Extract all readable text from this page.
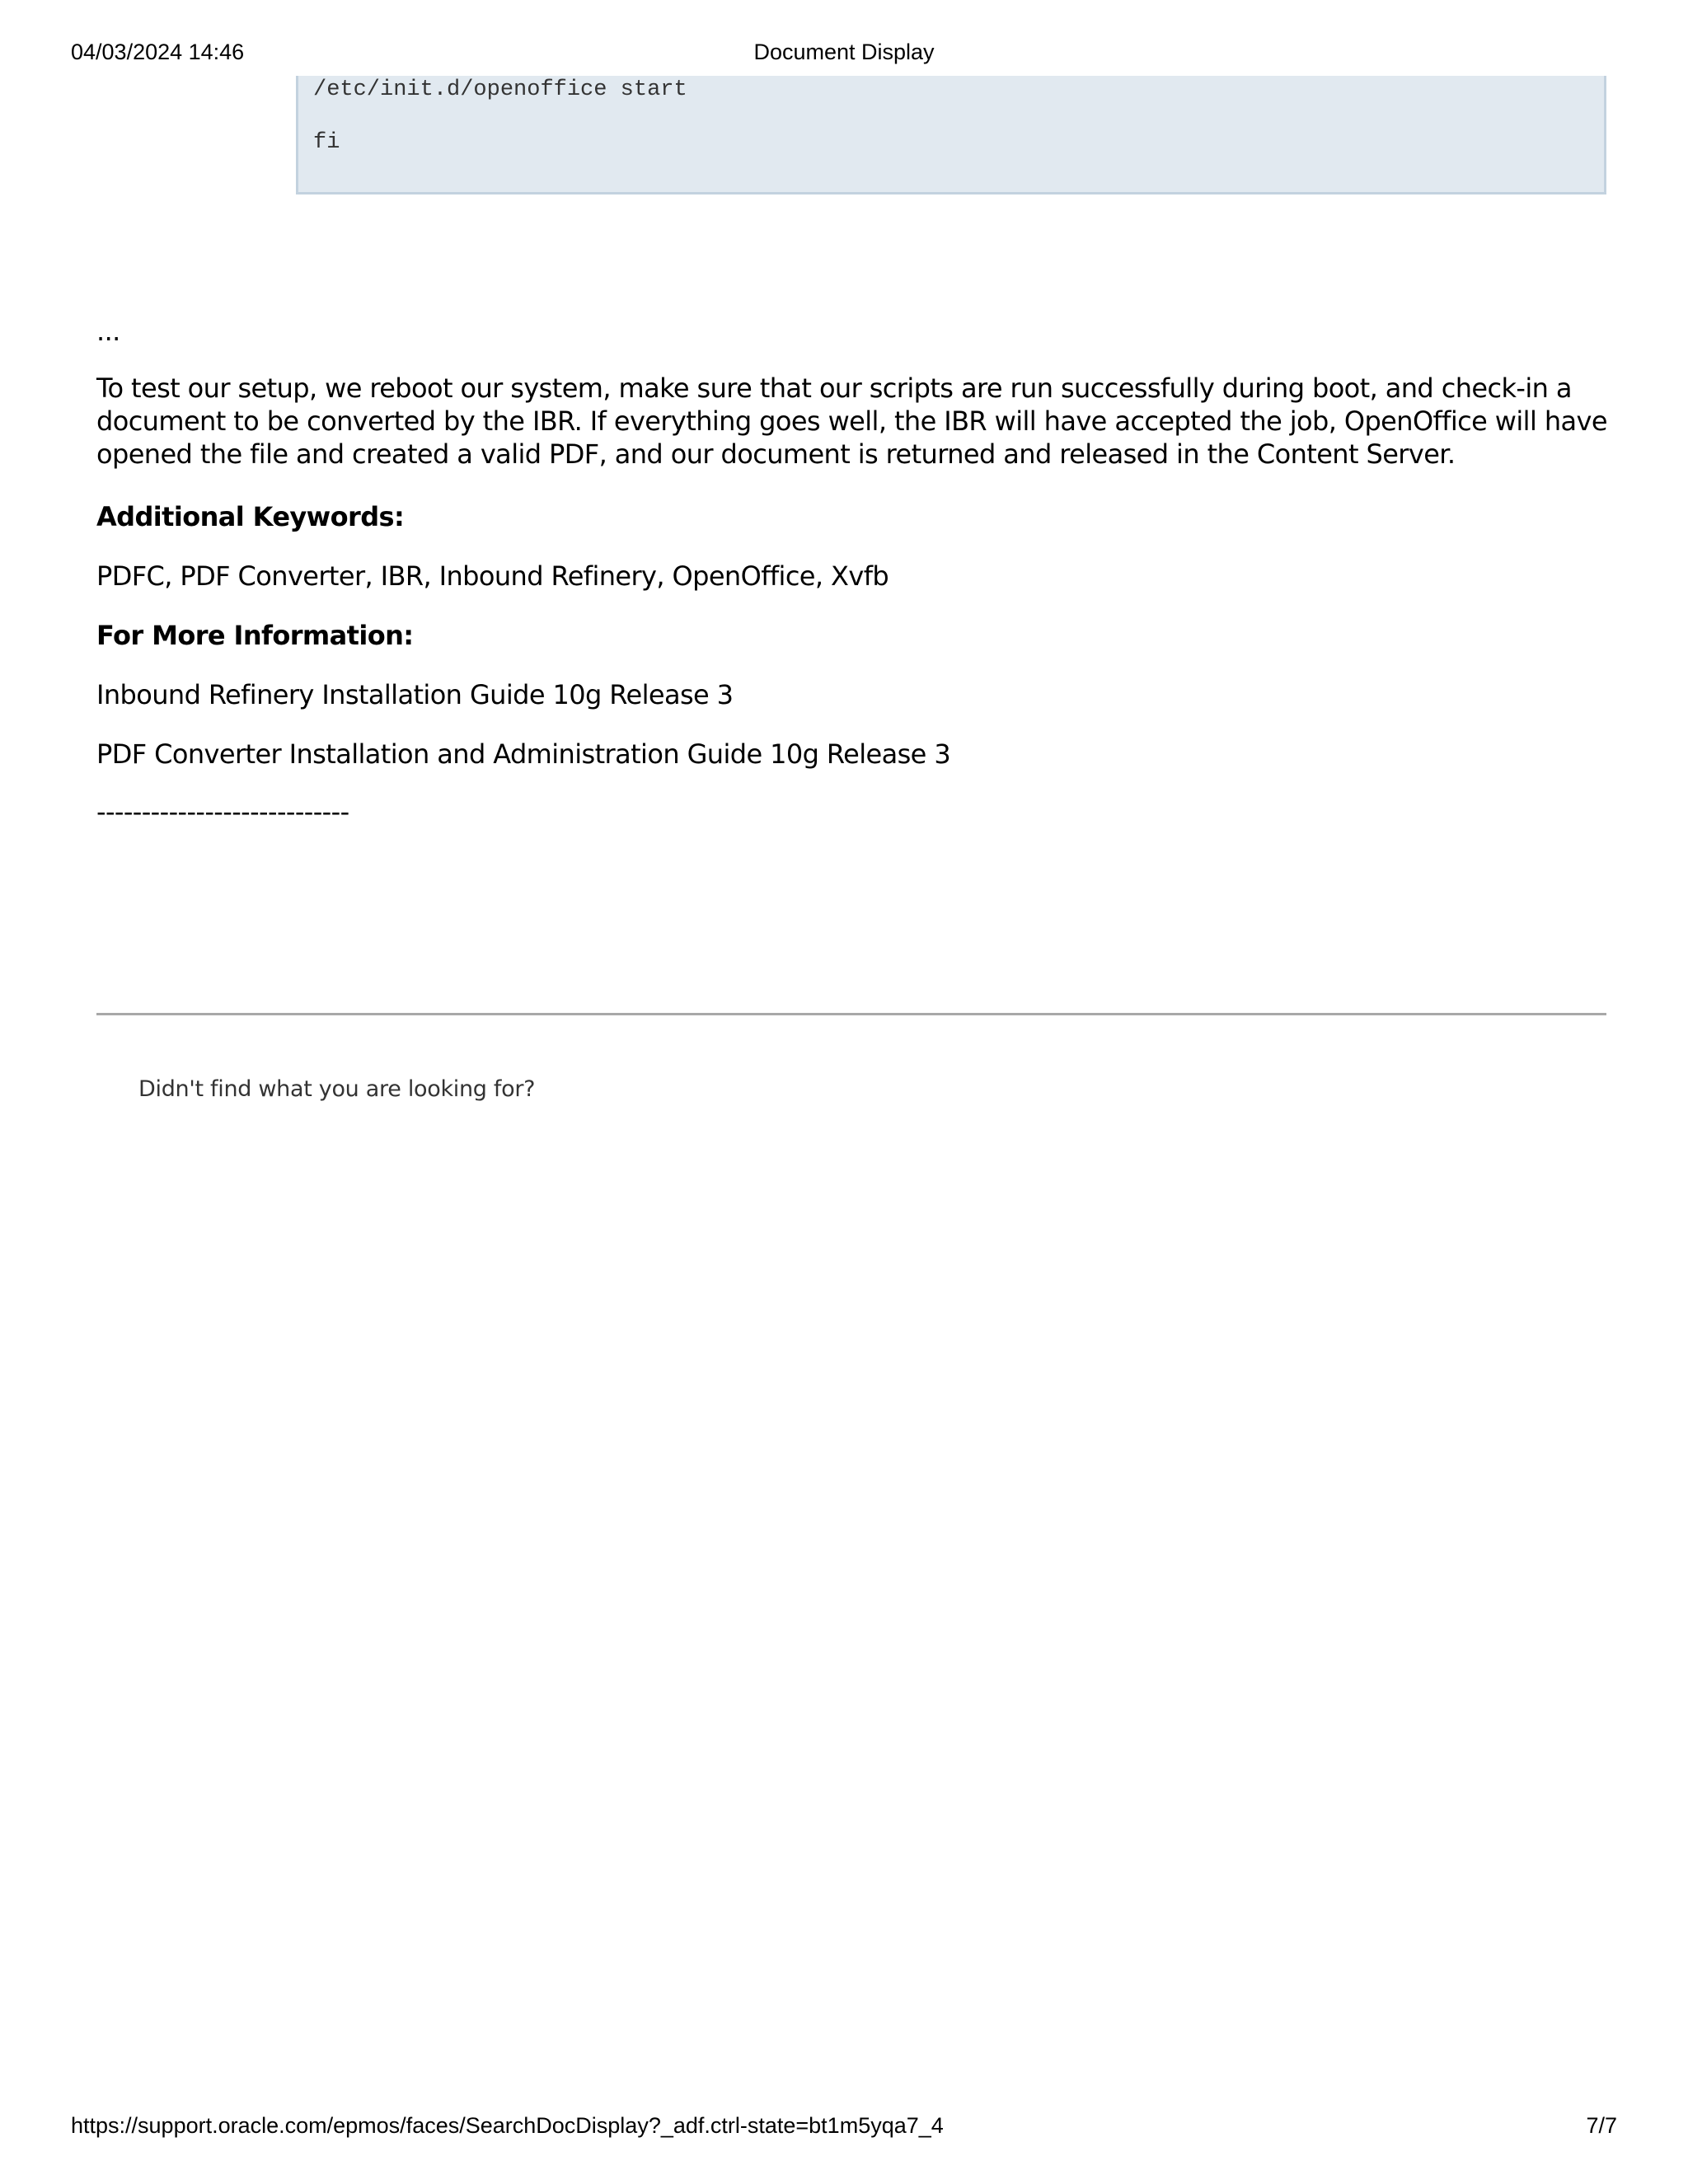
04/03/2024 14:46	Document Display
/etc/init.d/openoffice start
fi
...
To test our setup, we reboot our system, make sure that our scripts are run successfully during boot, and check-in a document to be converted by the IBR. If everything goes well, the IBR will have accepted the job, OpenOffice will have opened the file and created a valid PDF, and our document is returned and released in the Content Server.
Additional Keywords:
PDFC, PDF Converter, IBR, Inbound Refinery, OpenOffice, Xvfb
For More Information:
Inbound Refinery Installation Guide 10g Release 3
PDF Converter Installation and Administration Guide 10g Release 3
----------------------------
Didn't find what you are looking for?
https://support.oracle.com/epmos/faces/SearchDocDisplay?_adf.ctrl-state=bt1m5yqa7_4	7/7
